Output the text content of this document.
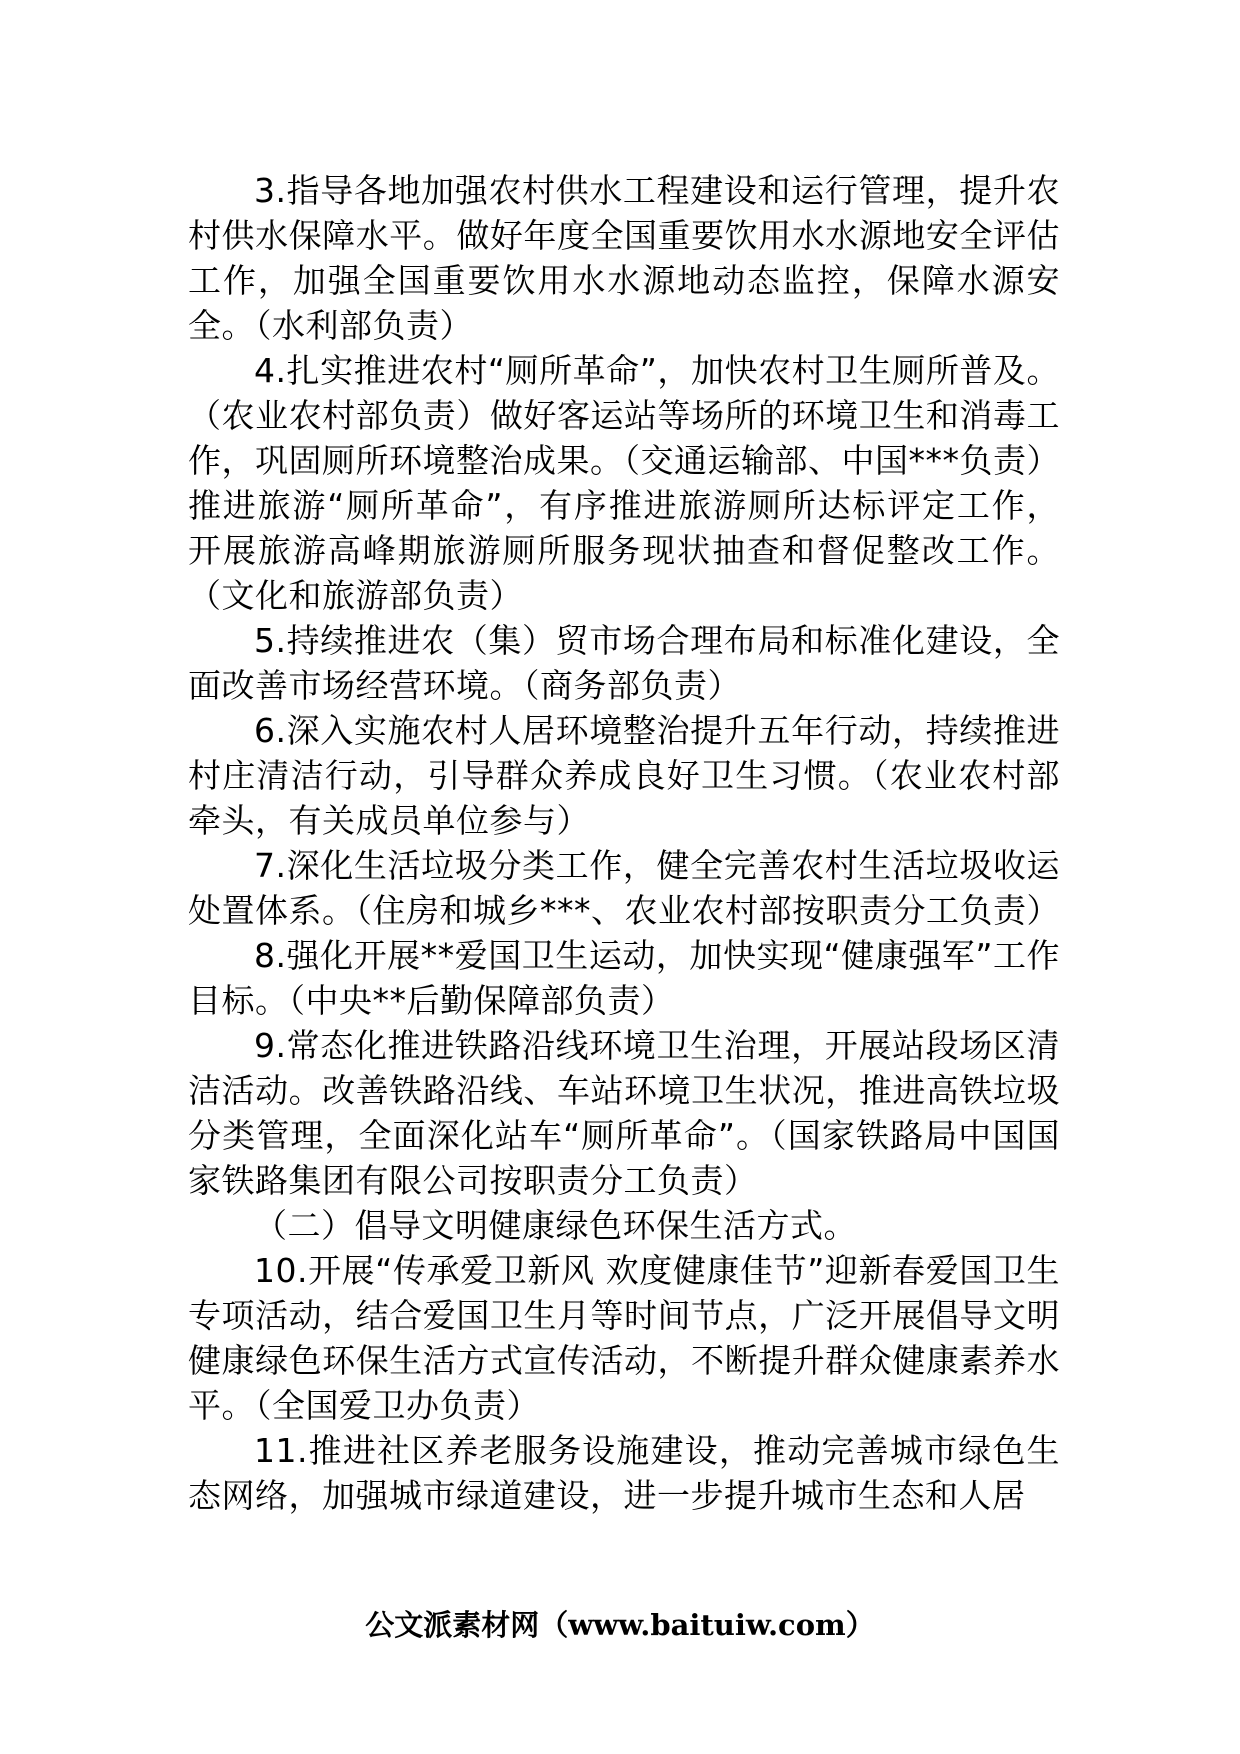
3.指导各地加强农村供水工程建设和运行管理，提升农村供水保障水平。做好年度全国重要饮用水水源地安全评估工作，加强全国重要饮用水水源地动态监控，保障水源安全。（水利部负责）

4.扎实推进农村“厕所革命”，加快农村卫生厕所普及。（农业农村部负责）做好客运站等场所的环境卫生和消毒工作，巩固厕所环境整治成果。（交通运输部、中国***负责）推进旅游“厕所革命”，有序推进旅游厕所达标评定工作，开展旅游高峰期旅游厕所服务现状抽查和督促整改工作。（文化和旅游部负责）

5.持续推进农（集）贸市场合理布局和标准化建设，全面改善市场经营环境。（商务部负责）

6.深入实施农村人居环境整治提升五年行动，持续推进村庄清洁行动，引导群众养成良好卫生习惯。（农业农村部牵头，有关成员单位参与）

7.深化生活垃圾分类工作，健全完善农村生活垃圾收运处置体系。（住房和城乡***、农业农村部按职责分工负责）

8.强化开展**爱国卫生运动，加快实现“健康强军”工作目标。（中央**后勤保障部负责）

9.常态化推进铁路沿线环境卫生治理，开展站段场区清洁活动。改善铁路沿线、车站环境卫生状况，推进高铁垃圾分类管理，全面深化站车“厕所革命”。（国家铁路局中国国家铁路集团有限公司按职责分工负责）

（二）倡导文明健康绿色环保生活方式。

10.开展“传承爱卫新风 欢度健康佳节”迎新春爱国卫生专项活动，结合爱国卫生月等时间节点，广泛开展倡导文明健康绿色环保生活方式宣传活动，不断提升群众健康素养水平。（全国爱卫办负责）

11.推进社区养老服务设施建设，推动完善城市绿色生态网络，加强城市绿道建设，进一步提升城市生态和人居

公文派素材网（www.baituiw.com）
